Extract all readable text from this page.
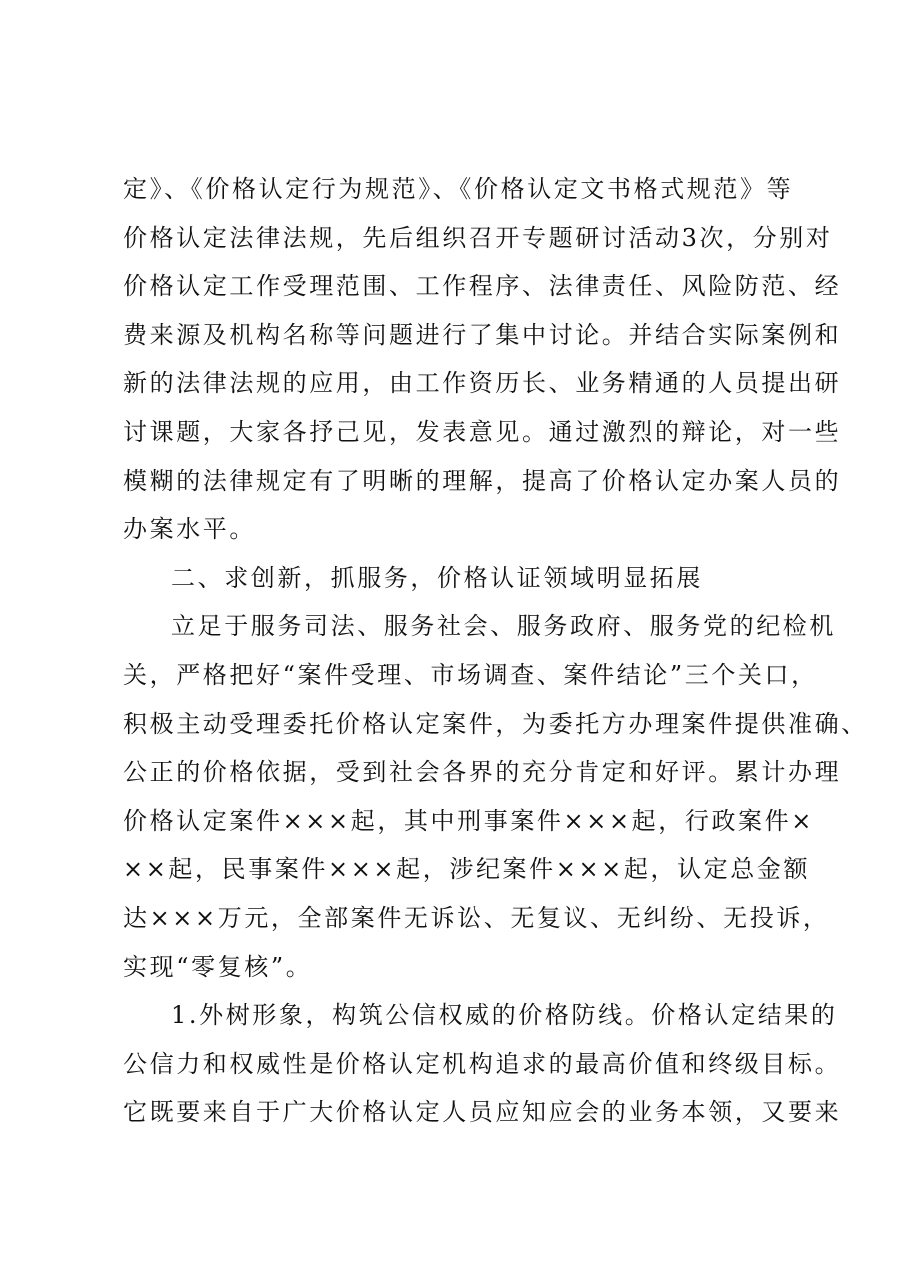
定》、《价格认定行为规范》、《价格认定文书格式规范》等
价格认定法律法规，先后组织召开专题研讨活动3次，分别对
价格认定工作受理范围、工作程序、法律责任、风险防范、经
费来源及机构名称等问题进行了集中讨论。并结合实际案例和
新的法律法规的应用，由工作资历长、业务精通的人员提出研
讨课题，大家各抒己见，发表意见。通过激烈的辩论，对一些
模糊的法律规定有了明晰的理解，提高了价格认定办案人员的
办案水平。
二、求创新，抓服务，价格认证领域明显拓展
立足于服务司法、服务社会、服务政府、服务党的纪检机
关，严格把好“案件受理、市场调查、案件结论”三个关口，
积极主动受理委托价格认定案件，为委托方办理案件提供准确、
公正的价格依据，受到社会各界的充分肯定和好评。累计办理
价格认定案件×××起，其中刑事案件×××起，行政案件×
××起，民事案件×××起，涉纪案件×××起，认定总金额
达×××万元，全部案件无诉讼、无复议、无纠纷、无投诉，
实现“零复核”。
1.外树形象，构筑公信权威的价格防线。价格认定结果的
公信力和权威性是价格认定机构追求的最高价值和终级目标。
它既要来自于广大价格认定人员应知应会的业务本领，又要来
